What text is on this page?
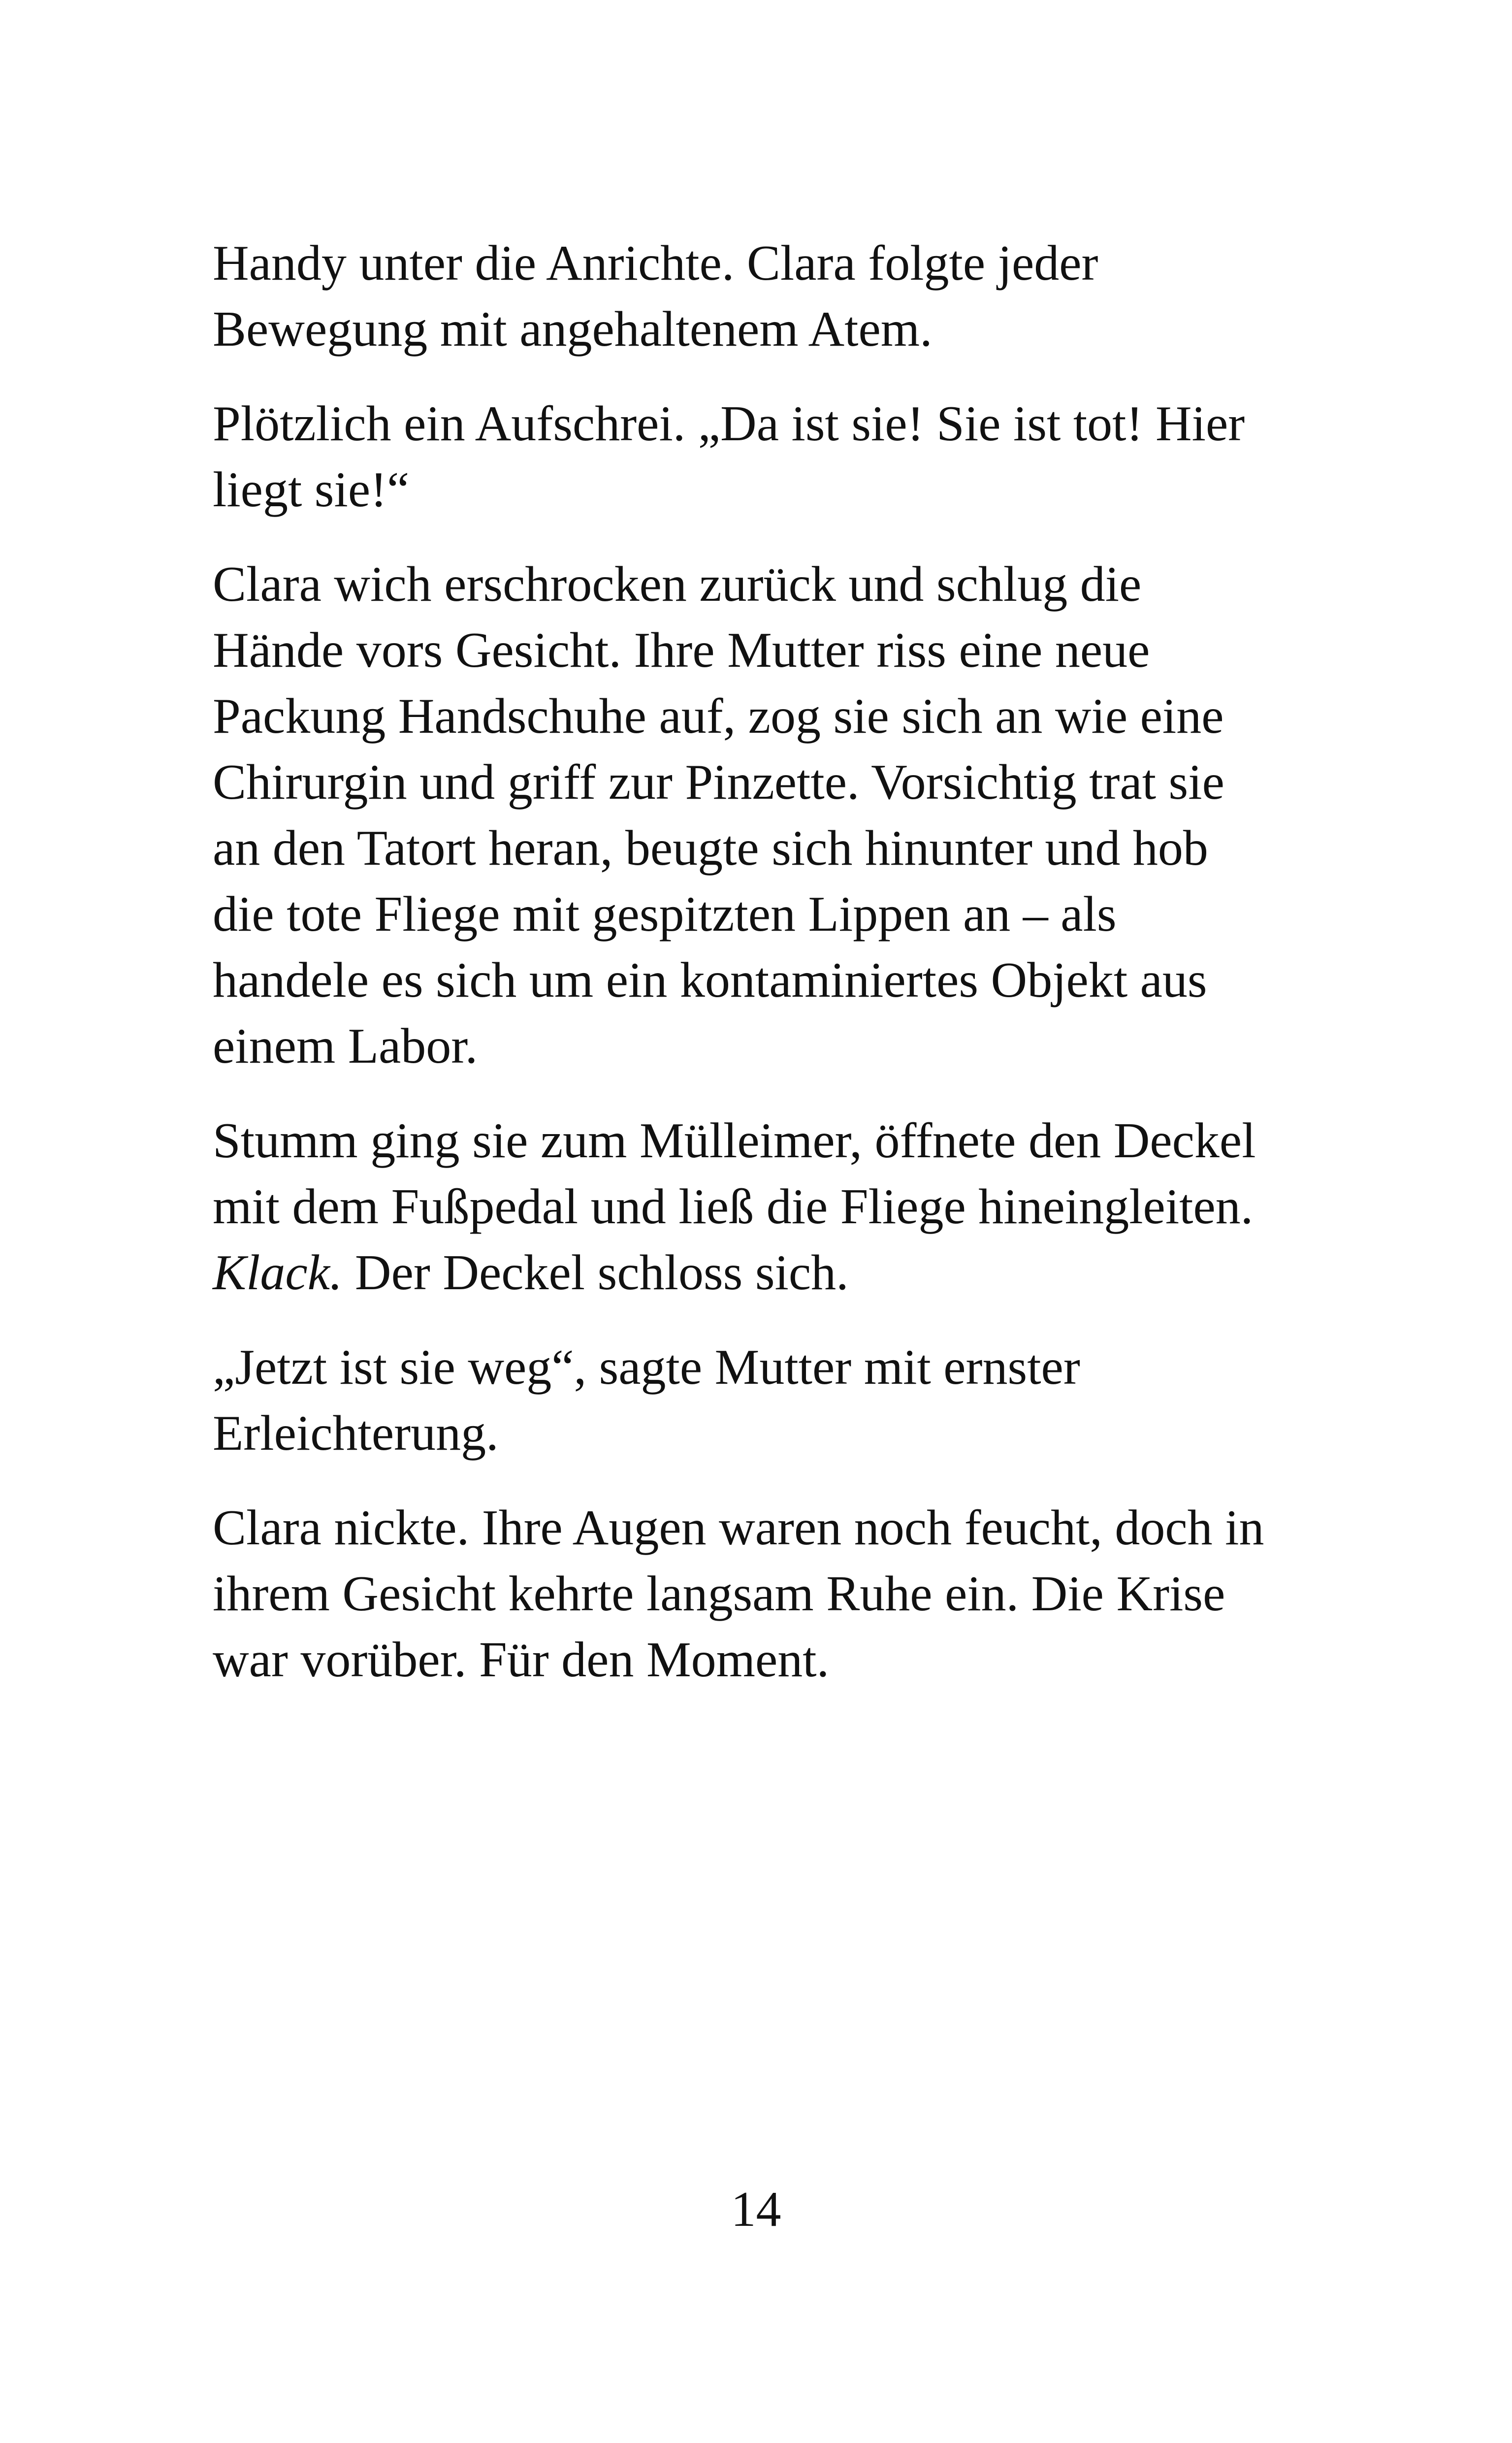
Handy unter die Anrichte. Clara folgte jeder
Bewegung mit angehaltenem Atem.

Plötzlich ein Aufschrei. „Da ist sie! Sie ist tot! Hier
liegt sie!“

Clara wich erschrocken zurück und schlug die
Hände vors Gesicht. Ihre Mutter riss eine neue
Packung Handschuhe auf, zog sie sich an wie eine
Chirurgin und griff zur Pinzette. Vorsichtig trat sie
an den Tatort heran, beugte sich hinunter und hob
die tote Fliege mit gespitzten Lippen an – als
handele es sich um ein kontaminiertes Objekt aus
einem Labor.

Stumm ging sie zum Mülleimer, öffnete den Deckel
mit dem Fußpedal und ließ die Fliege hineingleiten.
Klack. Der Deckel schloss sich.

„Jetzt ist sie weg“, sagte Mutter mit ernster
Erleichterung.

Clara nickte. Ihre Augen waren noch feucht, doch in
ihrem Gesicht kehrte langsam Ruhe ein. Die Krise
war vorüber. Für den Moment.

14
